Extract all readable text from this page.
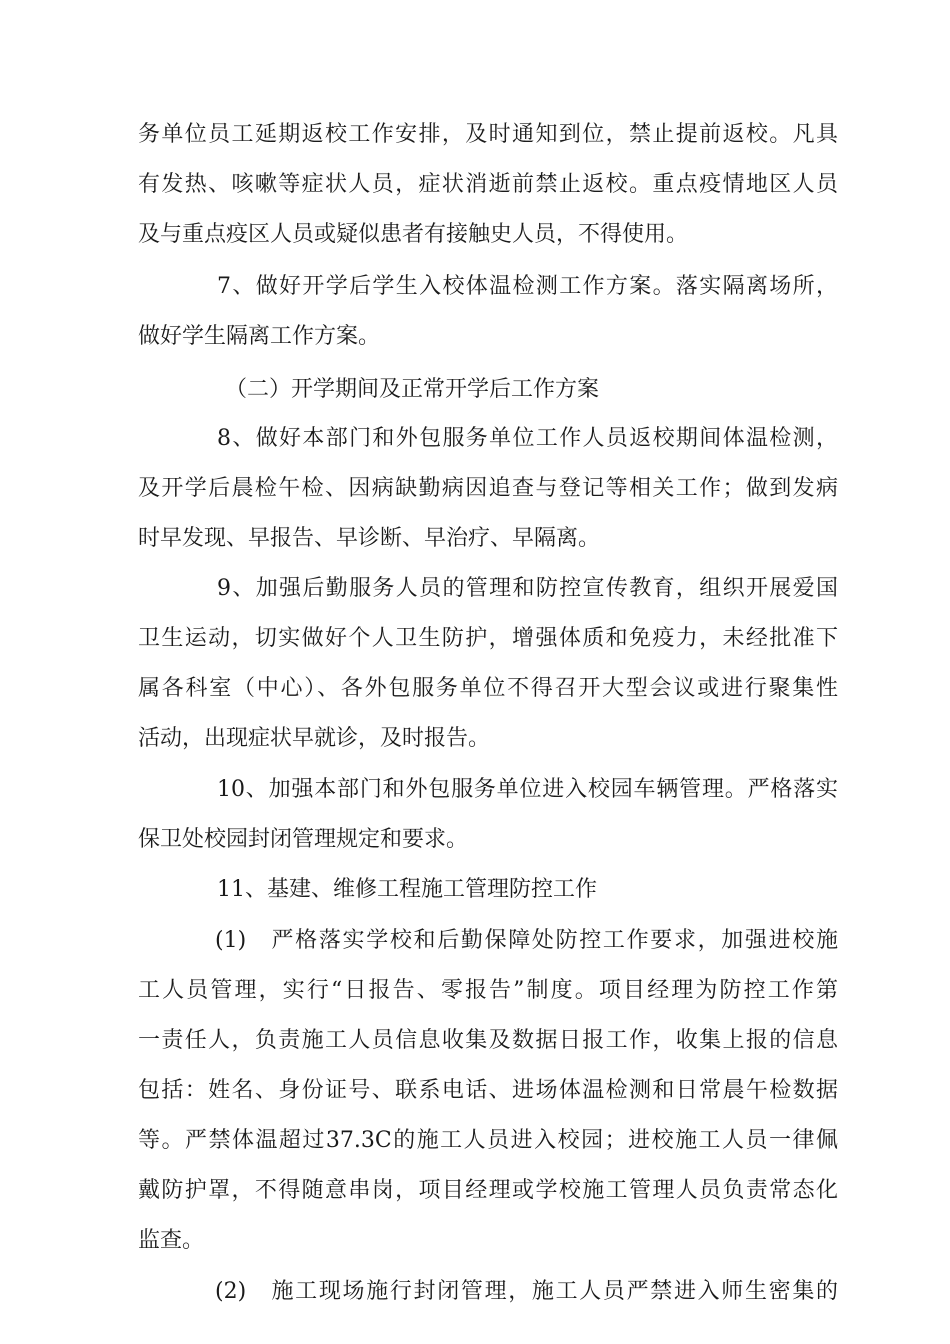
务单位员工延期返校工作安排，及时通知到位，禁止提前返校。凡具
有发热、咳嗽等症状人员，症状消逝前禁止返校。重点疫情地区人员
及与重点疫区人员或疑似患者有接触史人员，不得使用。
7、做好开学后学生入校体温检测工作方案。落实隔离场所，
做好学生隔离工作方案。
（二）开学期间及正常开学后工作方案
8、做好本部门和外包服务单位工作人员返校期间体温检测，
及开学后晨检午检、因病缺勤病因追查与登记等相关工作；做到发病
时早发现、早报告、早诊断、早治疗、早隔离。
9、加强后勤服务人员的管理和防控宣传教育，组织开展爱国
卫生运动，切实做好个人卫生防护，增强体质和免疫力，未经批准下
属各科室（中心）、各外包服务单位不得召开大型会议或进行聚集性
活动，出现症状早就诊，及时报告。
10、加强本部门和外包服务单位进入校园车辆管理。严格落实
保卫处校园封闭管理规定和要求。
11、基建、维修工程施工管理防控工作
(1)　严格落实学校和后勤保障处防控工作要求，加强进校施
工人员管理，实行“日报告、零报告”制度。项目经理为防控工作第
一责任人，负责施工人员信息收集及数据日报工作，收集上报的信息
包括：姓名、身份证号、联系电话、进场体温检测和日常晨午检数据
等。严禁体温超过37.3C的施工人员进入校园；进校施工人员一律佩
戴防护罩，不得随意串岗，项目经理或学校施工管理人员负责常态化
监查。
(2)　施工现场施行封闭管理，施工人员严禁进入师生密集的
